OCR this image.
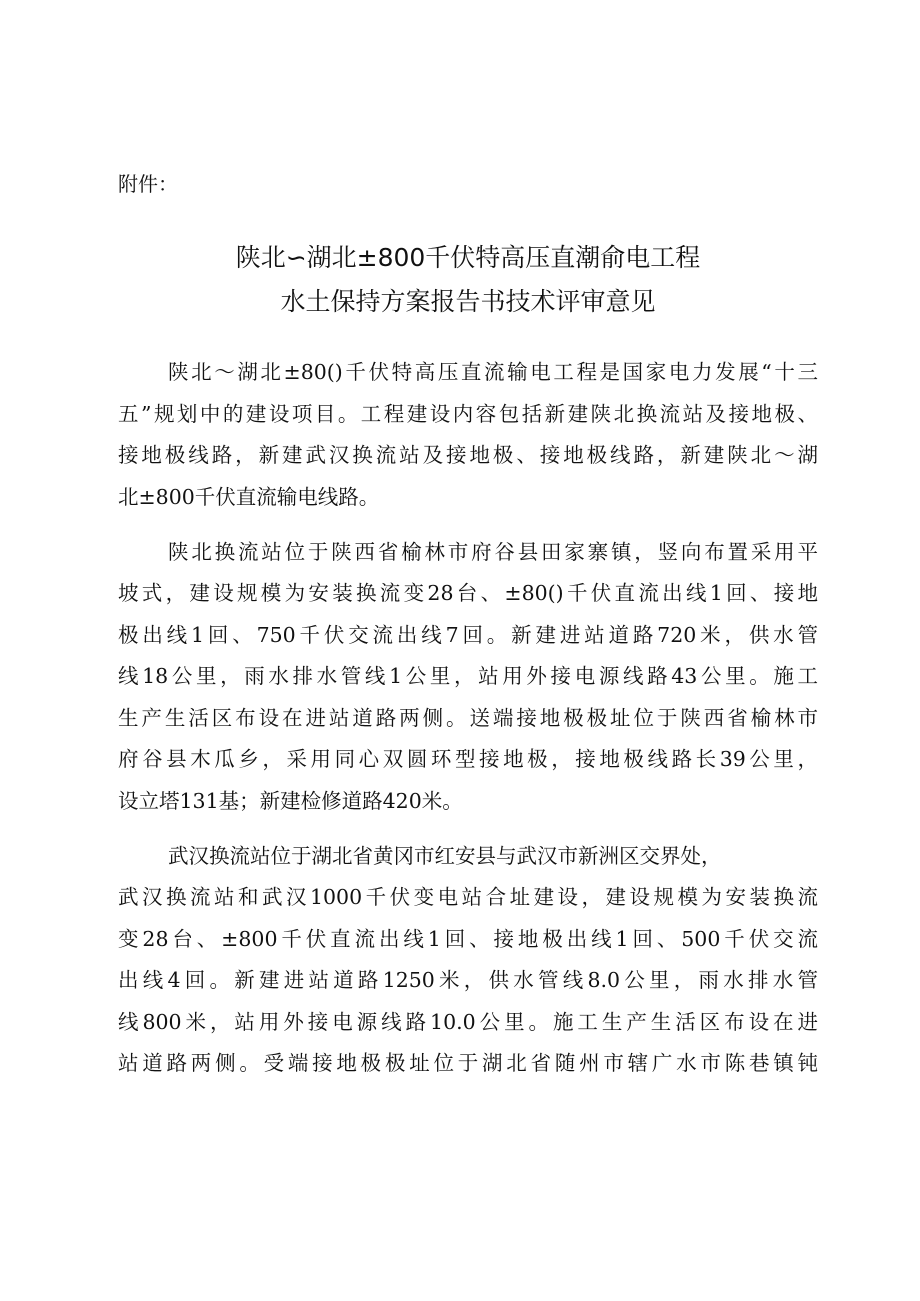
附件：

陕北∽湖北±800千伏特高压直潮俞电工程
水土保持方案报告书技术评审意见
陕北～湖北±80()千伏特高压直流输电工程是国家电力发展“十三
五”规划中的建设项目。工程建设内容包括新建陕北换流站及接地极、
接地极线路，新建武汉换流站及接地极、接地极线路，新建陕北～湖
北±800千伏直流输电线路。
陕北换流站位于陕西省榆林市府谷县田家寨镇，竖向布置采用平
坡式，建设规模为安装换流变28台、±80()千伏直流出线1回、接地
极出线1回、750千伏交流出线7回。新建进站道路720米，供水管
线18公里，雨水排水管线1公里，站用外接电源线路43公里。施工
生产生活区布设在进站道路两侧。送端接地极极址位于陕西省榆林市
府谷县木瓜乡，采用同心双圆环型接地极，接地极线路长39公里，
设立塔131基；新建检修道路420米。
武汉换流站位于湖北省黄冈市红安县与武汉市新洲区交界处，
武汉换流站和武汉1000千伏变电站合址建设，建设规模为安装换流
变28台、±800千伏直流出线1回、接地极出线1回、500千伏交流
出线4回。新建进站道路1250米，供水管线8.0公里，雨水排水管
线800米，站用外接电源线路10.0公里。施工生产生活区布设在进
站道路两侧。受端接地极极址位于湖北省随州市辖广水市陈巷镇钝
